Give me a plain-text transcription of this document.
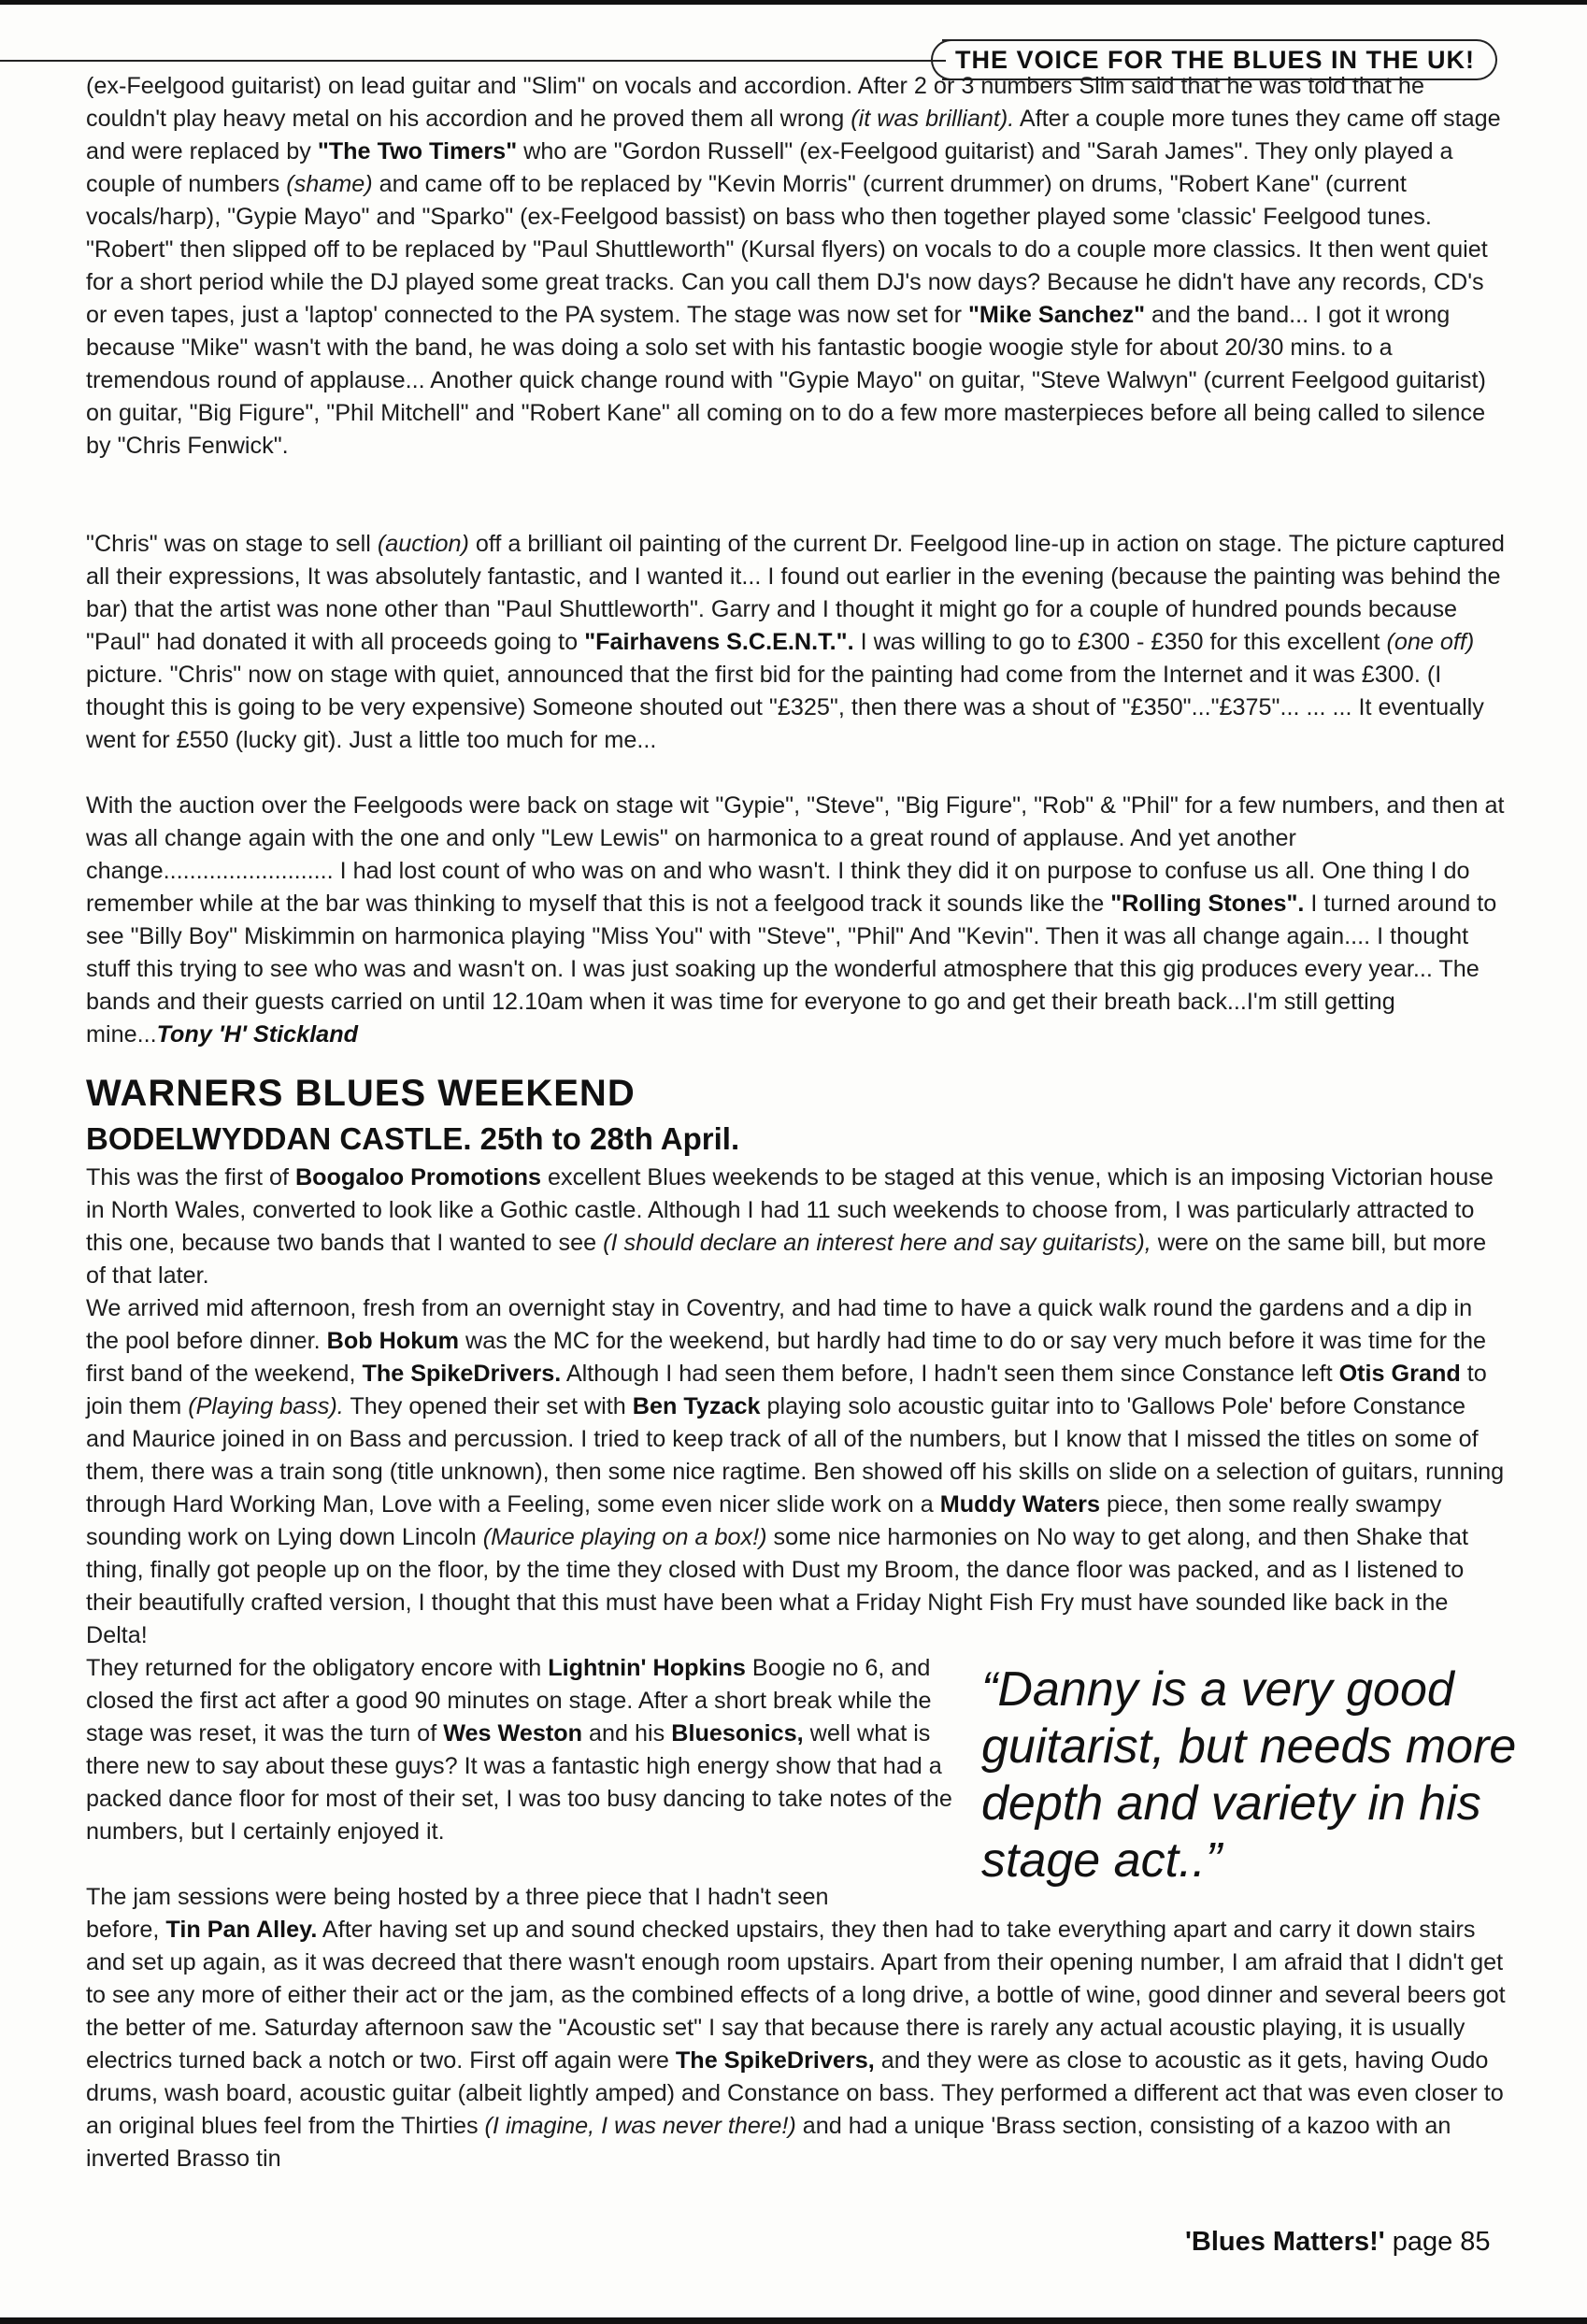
THE VOICE FOR THE BLUES IN THE UK!

(ex-Feelgood guitarist) on lead guitar and "Slim" on vocals and accordion. After 2 or 3 numbers Slim said that he was told that he couldn't play heavy metal on his accordion and he proved them all wrong (it was brilliant). After a couple more tunes they came off stage and were replaced by "The Two Timers" who are "Gordon Russell" (ex-Feelgood guitarist) and "Sarah James". They only played a couple of numbers (shame) and came off to be replaced by "Kevin Morris" (current drummer) on drums, "Robert Kane" (current vocals/harp), "Gypie Mayo" and "Sparko" (ex-Feelgood bassist) on bass who then together played some 'classic' Feelgood tunes. "Robert" then slipped off to be replaced by "Paul Shuttleworth" (Kursal flyers) on vocals to do a couple more classics. It then went quiet for a short period while the DJ played some great tracks. Can you call them DJ's now days? Because he didn't have any records, CD's or even tapes, just a 'laptop' connected to the PA system. The stage was now set for "Mike Sanchez" and the band... I got it wrong because "Mike" wasn't with the band, he was doing a solo set with his fantastic boogie woogie style for about 20/30 mins. to a tremendous round of applause... Another quick change round with "Gypie Mayo" on guitar, "Steve Walwyn" (current Feelgood guitarist) on guitar, "Big Figure", "Phil Mitchell" and "Robert Kane" all coming on to do a few more masterpieces before all being called to silence by "Chris Fenwick".

"Chris" was on stage to sell (auction) off a brilliant oil painting of the current Dr. Feelgood line-up in action on stage. The picture captured all their expressions, It was absolutely fantastic, and I wanted it... I found out earlier in the evening (because the painting was behind the bar) that the artist was none other than "Paul Shuttleworth". Garry and I thought it might go for a couple of hundred pounds because "Paul" had donated it with all proceeds going to "Fairhavens S.C.E.N.T.". I was willing to go to £300 - £350 for this excellent (one off) picture. "Chris" now on stage with quiet, announced that the first bid for the painting had come from the Internet and it was £300. (I thought this is going to be very expensive) Someone shouted out "£325", then there was a shout of "£350"..."£375"... ... ... It eventually went for £550 (lucky git). Just a little too much for me...

With the auction over the Feelgoods were back on stage wit "Gypie", "Steve", "Big Figure", "Rob" & "Phil" for a few numbers, and then at was all change again with the one and only "Lew Lewis" on harmonica to a great round of applause. And yet another change.......................... I had lost count of who was on and who wasn't. I think they did it on purpose to confuse us all. One thing I do remember while at the bar was thinking to myself that this is not a feelgood track it sounds like the "Rolling Stones". I turned around to see "Billy Boy" Miskimmin on harmonica playing "Miss You" with "Steve", "Phil" And "Kevin". Then it was all change again.... I thought stuff this trying to see who was and wasn't on. I was just soaking up the wonderful atmosphere that this gig produces every year... The bands and their guests carried on until 12.10am when it was time for everyone to go and get their breath back...I'm still getting mine...Tony 'H' Stickland

WARNERS BLUES WEEKEND
BODELWYDDAN CASTLE. 25th to 28th April.

This was the first of Boogaloo Promotions excellent Blues weekends to be staged at this venue, which is an imposing Victorian house in North Wales, converted to look like a Gothic castle. Although I had 11 such weekends to choose from, I was particularly attracted to this one, because two bands that I wanted to see (I should declare an interest here and say guitarists), were on the same bill, but more of that later.

We arrived mid afternoon, fresh from an overnight stay in Coventry, and had time to have a quick walk round the gardens and a dip in the pool before dinner. Bob Hokum was the MC for the weekend, but hardly had time to do or say very much before it was time for the first band of the weekend, The SpikeDrivers. Although I had seen them before, I hadn't seen them since Constance left Otis Grand to join them (Playing bass). They opened their set with Ben Tyzack playing solo acoustic guitar into to 'Gallows Pole' before Constance and Maurice joined in on Bass and percussion. I tried to keep track of all of the numbers, but I know that I missed the titles on some of them, there was a train song (title unknown), then some nice ragtime. Ben showed off his skills on slide on a selection of guitars, running through Hard Working Man, Love with a Feeling, some even nicer slide work on a Muddy Waters piece, then some really swampy sounding work on Lying down Lincoln (Maurice playing on a box!) some nice harmonies on No way to get along, and then Shake that thing, finally got people up on the floor, by the time they closed with Dust my Broom, the dance floor was packed, and as I listened to their beautifully crafted version, I thought that this must have been what a Friday Night Fish Fry must have sounded like back in the Delta!

They returned for the obligatory encore with Lightnin' Hopkins Boogie no 6, and closed the first act after a good 90 minutes on stage. After a short break while the stage was reset, it was the turn of Wes Weston and his Bluesonics, well what is there new to say about these guys? It was a fantastic high energy show that had a packed dance floor for most of their set, I was too busy dancing to take notes of the numbers, but I certainly enjoyed it.

The jam sessions were being hosted by a three piece that I hadn't seen

before, Tin Pan Alley. After having set up and sound checked upstairs, they then had to take everything apart and carry it down stairs and set up again, as it was decreed that there wasn't enough room upstairs. Apart from their opening number, I am afraid that I didn't get to see any more of either their act or the jam, as the combined effects of a long drive, a bottle of wine, good dinner and several beers got the better of me. Saturday afternoon saw the "Acoustic set" I say that because there is rarely any actual acoustic playing, it is usually electrics turned back a notch or two. First off again were The SpikeDrivers, and they were as close to acoustic as it gets, having Oudo drums, wash board, acoustic guitar (albeit lightly amped) and Constance on bass. They performed a different act that was even closer to an original blues feel from the Thirties (I imagine, I was never there!) and had a unique 'Brass section, consisting of a kazoo with an inverted Brasso tin

“Danny is a very good guitarist, but needs more depth and variety in his stage act..”

'Blues Matters!' page 85
